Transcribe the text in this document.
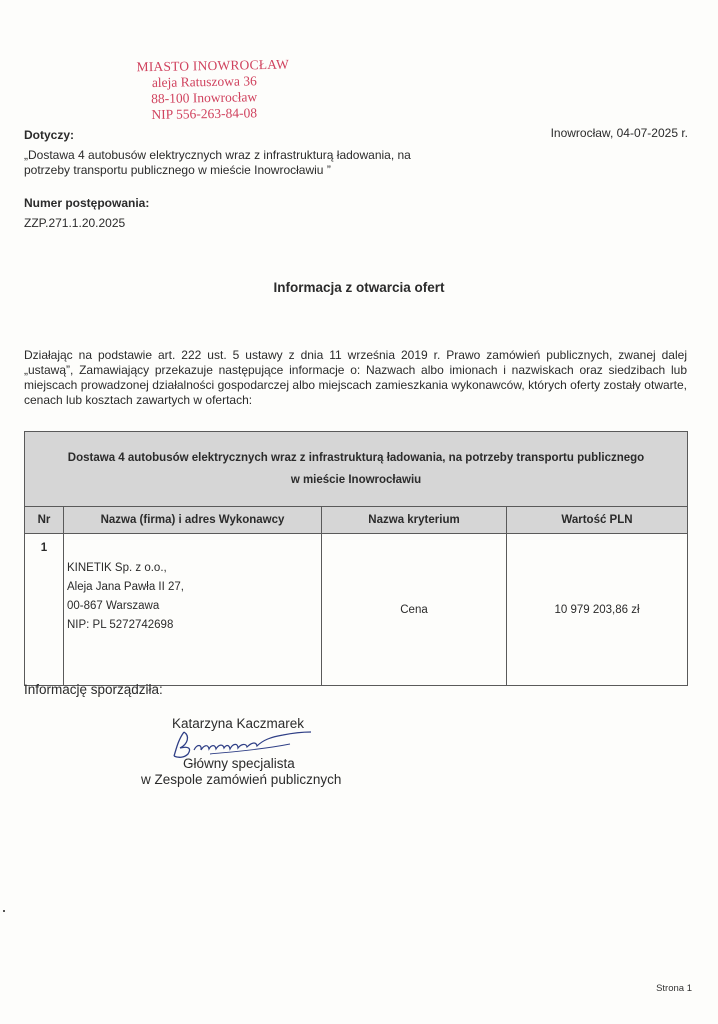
MIASTO INOWROCŁAW
aleja Ratuszowa 36
88-100 Inowrocław
NIP 556-263-84-08
Inowrocław, 04-07-2025 r.
Dotyczy:
„Dostawa 4 autobusów elektrycznych wraz z infrastrukturą ładowania, na
potrzeby transportu publicznego w mieście Inowrocławiu ”
Numer postępowania:
ZZP.271.1.20.2025
Informacja z otwarcia ofert
Działając na podstawie art. 222 ust. 5 ustawy z dnia 11 września 2019 r. Prawo zamówień publicznych, zwanej dalej „ustawą”, Zamawiający przekazuje następujące informacje o: Nazwach albo imionach i nazwiskach oraz siedzibach lub miejscach prowadzonej działalności gospodarczej albo miejscach zamieszkania wykonawców, których oferty zostały otwarte, cenach lub kosztach zawartych w ofertach:
Dostawa 4 autobusów elektrycznych wraz z infrastrukturą ładowania, na potrzeby transportu publicznego
w mieście Inowrocławiu			

Nr	Nazwa (firma) i adres Wykonawcy	Nazwa kryterium	Wartość PLN
1	KINETIK Sp. z o.o.,
Aleja Jana Pawła II 27,
00-867 Warszawa
NIP: PL 5272742698	Cena	10 979 203,86 zł
Informację sporządziła:
Katarzyna Kaczmarek
Główny specjalista
w Zespole zamówień publicznych
Strona 1
